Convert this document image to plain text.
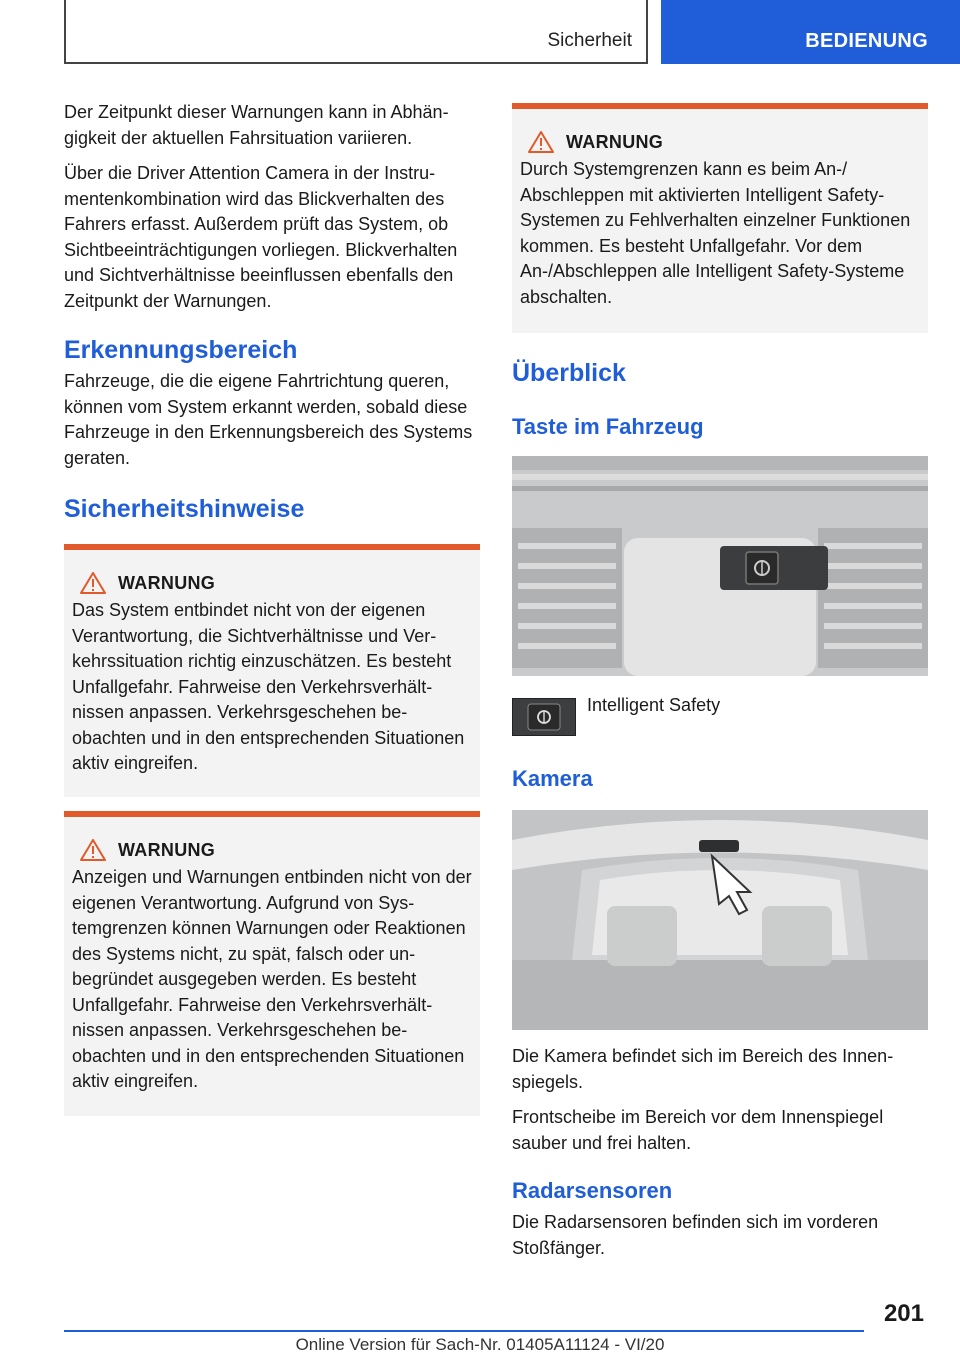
Sicherheit	BEDIENUNG

Der Zeitpunkt dieser Warnungen kann in Abhängigkeit der aktuellen Fahrsituation variieren.

Über die Driver Attention Camera in der Instrumentenkombination wird das Blickverhalten des Fahrers erfasst. Außerdem prüft das System, ob Sichtbeeinträchtigungen vorliegen. Blickverhalten und Sichtverhältnisse beeinflussen ebenfalls den Zeitpunkt der Warnungen.

Erkennungsbereich

Fahrzeuge, die die eigene Fahrtrichtung queren, können vom System erkannt werden, sobald diese Fahrzeuge in den Erkennungsbereich des Systems geraten.

Sicherheitshinweise
WARNUNG

Das System entbindet nicht von der eigenen Verantwortung, die Sichtverhältnisse und Verkehrssituation richtig einzuschätzen. Es besteht Unfallgefahr. Fahrweise den Verkehrsverhältnissen anpassen. Verkehrsgeschehen beobachten und in den entsprechenden Situationen aktiv eingreifen.

WARNUNG

Anzeigen und Warnungen entbinden nicht von der eigenen Verantwortung. Aufgrund von Systemgrenzen können Warnungen oder Reaktionen des Systems nicht, zu spät, falsch oder unbegründet ausgegeben werden. Es besteht Unfallgefahr. Fahrweise den Verkehrsverhältnissen anpassen. Verkehrsgeschehen beobachten und in den entsprechenden Situationen aktiv eingreifen.

WARNUNG

Durch Systemgrenzen kann es beim An-/ Abschleppen mit aktivierten Intelligent Safety-Systemen zu Fehlverhalten einzelner Funktionen kommen. Es besteht Unfallgefahr. Vor dem An-/Abschleppen alle Intelligent Safety-Systeme abschalten.

Überblick
Taste im Fahrzeug
Intelligent Safety
Kamera

Die Kamera befindet sich im Bereich des Innenspiegels.

Frontscheibe im Bereich vor dem Innenspiegel sauber und frei halten.

Radarsensoren

Die Radarsensoren befinden sich im vorderen Stoßfänger.

201
Online Version für Sach-Nr. 01405A11124 - VI/20
